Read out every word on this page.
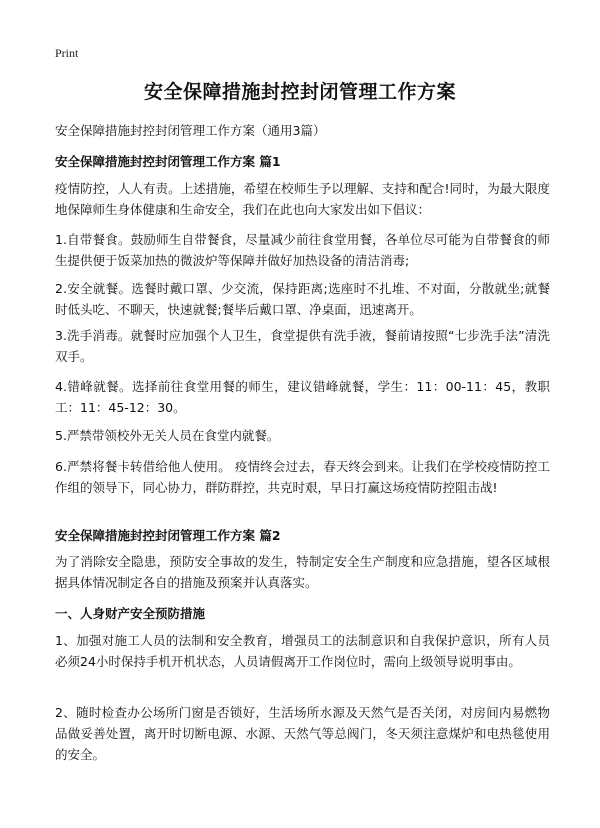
Print
安全保障措施封控封闭管理工作方案
安全保障措施封控封闭管理工作方案（通用3篇）
安全保障措施封控封闭管理工作方案 篇1
疫情防控，人人有责。上述措施，希望在校师生予以理解、支持和配合!同时，为最大限度地保障师生身体健康和生命安全，我们在此也向大家发出如下倡议：
1.自带餐食。鼓励师生自带餐食，尽量减少前往食堂用餐，各单位尽可能为自带餐食的师生提供便于饭菜加热的微波炉等保障并做好加热设备的清洁消毒;
2.安全就餐。选餐时戴口罩、少交流，保持距离;选座时不扎堆、不对面，分散就坐;就餐时低头吃、不聊天，快速就餐;餐毕后戴口罩、净桌面，迅速离开。
3.洗手消毒。就餐时应加强个人卫生，食堂提供有洗手液，餐前请按照“七步洗手法”清洗双手。
4.错峰就餐。选择前往食堂用餐的师生，建议错峰就餐，学生：11：00-11：45，教职工：11：45-12：30。
5.严禁带领校外无关人员在食堂内就餐。
6.严禁将餐卡转借给他人使用。 疫情终会过去，春天终会到来。让我们在学校疫情防控工作组的领导下，同心协力，群防群控，共克时艰，早日打赢这场疫情防控阻击战!
安全保障措施封控封闭管理工作方案 篇2
为了消除安全隐患，预防安全事故的发生，特制定安全生产制度和应急措施，望各区域根据具体情况制定各自的措施及预案并认真落实。
一、人身财产安全预防措施
1、加强对施工人员的法制和安全教育，增强员工的法制意识和自我保护意识，所有人员必须24小时保持手机开机状态，人员请假离开工作岗位时，需向上级领导说明事由。
2、随时检查办公场所门窗是否锁好，生活场所水源及天然气是否关闭，对房间内易燃物品做妥善处置，离开时切断电源、水源、天然气等总阀门，冬天须注意煤炉和电热毯使用的安全。
